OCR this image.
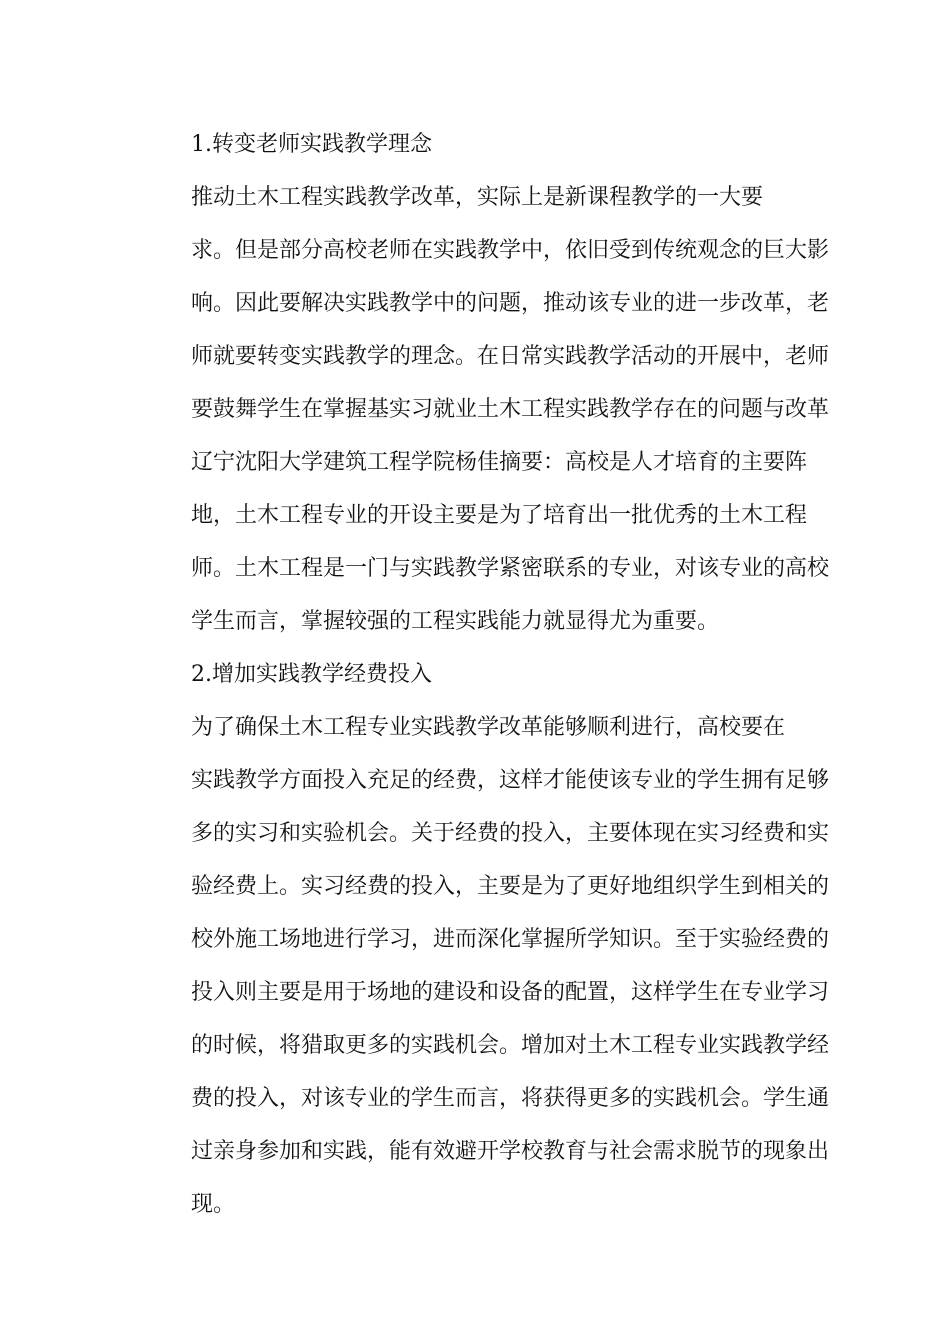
1.转变老师实践教学理念

推动土木工程实践教学改革，实际上是新课程教学的一大要
求。但是部分高校老师在实践教学中，依旧受到传统观念的巨大影
响。因此要解决实践教学中的问题，推动该专业的进一步改革，老
师就要转变实践教学的理念。在日常实践教学活动的开展中，老师
要鼓舞学生在掌握基实习就业土木工程实践教学存在的问题与改革
辽宁沈阳大学建筑工程学院杨佳摘要：高校是人才培育的主要阵
地，土木工程专业的开设主要是为了培育出一批优秀的土木工程
师。土木工程是一门与实践教学紧密联系的专业，对该专业的高校
学生而言，掌握较强的工程实践能力就显得尤为重要。

2.增加实践教学经费投入

为了确保土木工程专业实践教学改革能够顺利进行，高校要在
实践教学方面投入充足的经费，这样才能使该专业的学生拥有足够
多的实习和实验机会。关于经费的投入，主要体现在实习经费和实
验经费上。实习经费的投入，主要是为了更好地组织学生到相关的
校外施工场地进行学习，进而深化掌握所学知识。至于实验经费的
投入则主要是用于场地的建设和设备的配置，这样学生在专业学习
的时候，将猎取更多的实践机会。增加对土木工程专业实践教学经
费的投入，对该专业的学生而言，将获得更多的实践机会。学生通
过亲身参加和实践，能有效避开学校教育与社会需求脱节的现象出
现。
